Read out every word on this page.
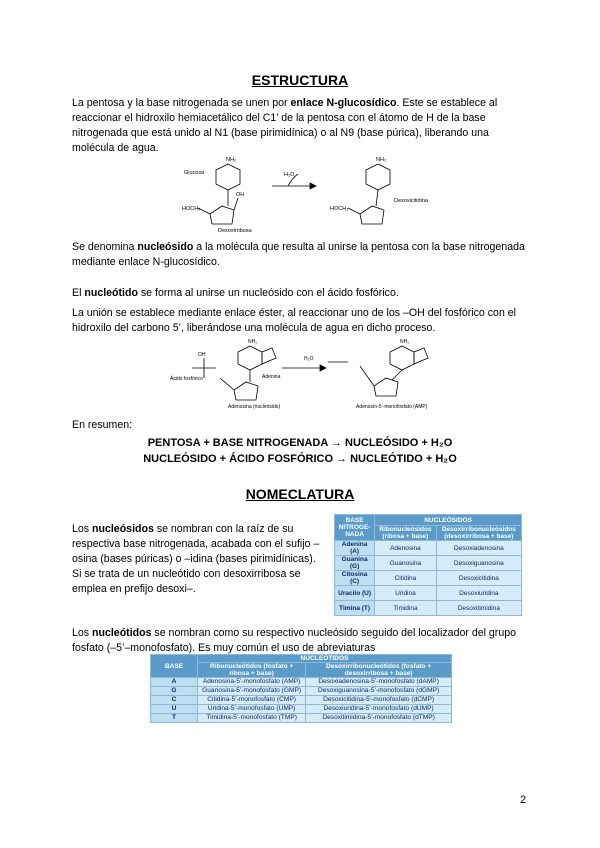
ESTRUCTURA
La pentosa y la base nitrogenada se unen por enlace N-glucosídico. Este se establece al reaccionar el hidroxilo hemiacetálico del C1’ de la pentosa con el átomo de H de la base nitrogenada que está unido al N1 (base pirimidínica) o al N9 (base púrica), liberando una molécula de agua.
Glucosa
NH₂
HOCH₂
OH
Desoxirribosa
H₂O
NH₂
HOCH₂
Desoxicitidina
Se denomina nucleósido a la molécula que resulta al unirse la pentosa con la base nitrogenada mediante enlace N-glucosídico.
El nucleótido se forma al unirse un nucleósido con el ácido fosfórico.
La unión se establece mediante enlace éster, al reaccionar uno de los –OH del fosfórico con el hidroxilo del carbono 5’, liberándose una molécula de agua en dicho proceso.
OH
Ácido fosfórico
NH₂
Adenina
Adenosina (nucleósido)
H₂O
NH₂
Adenosín-5’-monofosfato (AMP)
En resumen:
PENTOSA + BASE NITROGENADA → NUCLEÓSIDO + H₂O
NUCLEÓSIDO + ÁCIDO FOSFÓRICO → NUCLEÓTIDO + H₂O
NOMECLATURA
Los nucleósidos se nombran con la raíz de su respectiva base nitrogenada, acabada con el sufijo –osina (bases púricas) o –idina (bases pirimidínicas). Si se trata de un nucleótido con desoxirribosa se emplea en prefijo desoxi–.
BASE NITROGE-NADA	NUCLEÓSIDOS	
	Ribonucleósidos (ribosa + base)	Desoxirribonucleósidos (desoxirribosa + base)
Adenina (A)	Adenosina	Desoxiadenosina
Guanina (G)	Guanosina	Desoxiguanosina
Citosina (C)	Citidina	Desoxicitidina
Uracilo (U)	Uridina	Desoxiuridina
Timina (T)	Timidina	Desoxitimidina
Los nucleótidos se nombran como su respectivo nucleósido seguido del localizador del grupo fosfato (–5’–monofosfato). Es muy común el uso de abreviaturas
BASE	NUCLEÓTIDOS	
	Ribonucleótidos (fosfato + ribosa + base)	Desoxirribonucleótidos (fosfato + desoxirribosa + base)
A	Adenosina-5’-monofosfato (AMP)	Desoxiadenosina-5’-monofosfato (dAMP)
G	Guanosina-5’-monofosfato (GMP)	Desoxiguanosina-5’-monofosfato (dGMP)
C	Citidina-5’-monofosfato (CMP)	Desoxicitidina-5’-monofosfato (dCMP)
U	Uridina-5’-monofosfato (UMP)	Desoxiuridina-5’-monofosfato (dUMP)
T	Timidina-5’-monofosfato (TMP)	Desoxitimidina-5’-monofosfato (dTMP)
2
